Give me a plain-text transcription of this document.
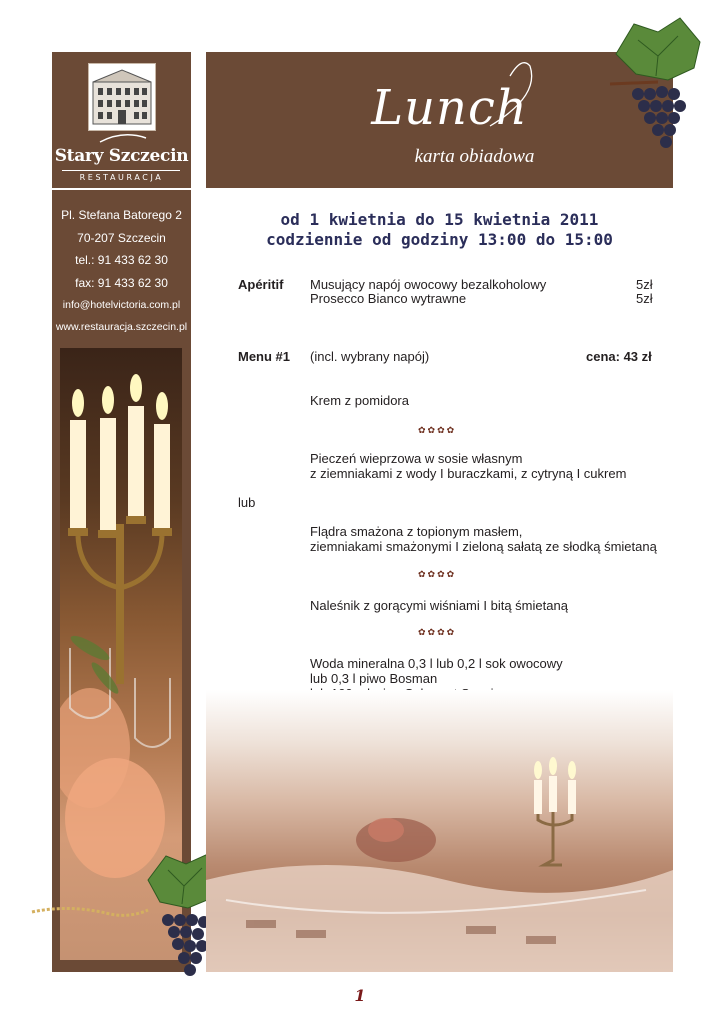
Stary Szczecin
RESTAURACJA
Pl. Stefana Batorego 2
70-207 Szczecin
tel.: 91 433 62 30
fax: 91 433 62 30
info@hotelvictoria.com.pl
www.restauracja.szczecin.pl
Lunch
karta obiadowa
od 1 kwietnia do 15 kwietnia 2011
codziennie od godziny 13:00 do 15:00
Apéritif Musujący napój owocowy bezalkoholowy	5zł
Prosecco Bianco wytrawne	5zł
Menu #1 (incl. wybrany napój)	cena: 43 zł
Krem z pomidora
✿✿✿✿
Pieczeń wieprzowa w sosie własnym
z ziemniakami z wody I buraczkami, z cytryną I cukrem
lub
Flądra smażona z topionym masłem,
ziemniakami smażonymi I zieloną sałatą ze słodką śmietaną
✿✿✿✿
Naleśnik z gorącymi wiśniami I bitą śmietaną
✿✿✿✿
Woda mineralna 0,3 l lub 0,2 l sok owocowy
lub 0,3 l piwo Bosman
1
